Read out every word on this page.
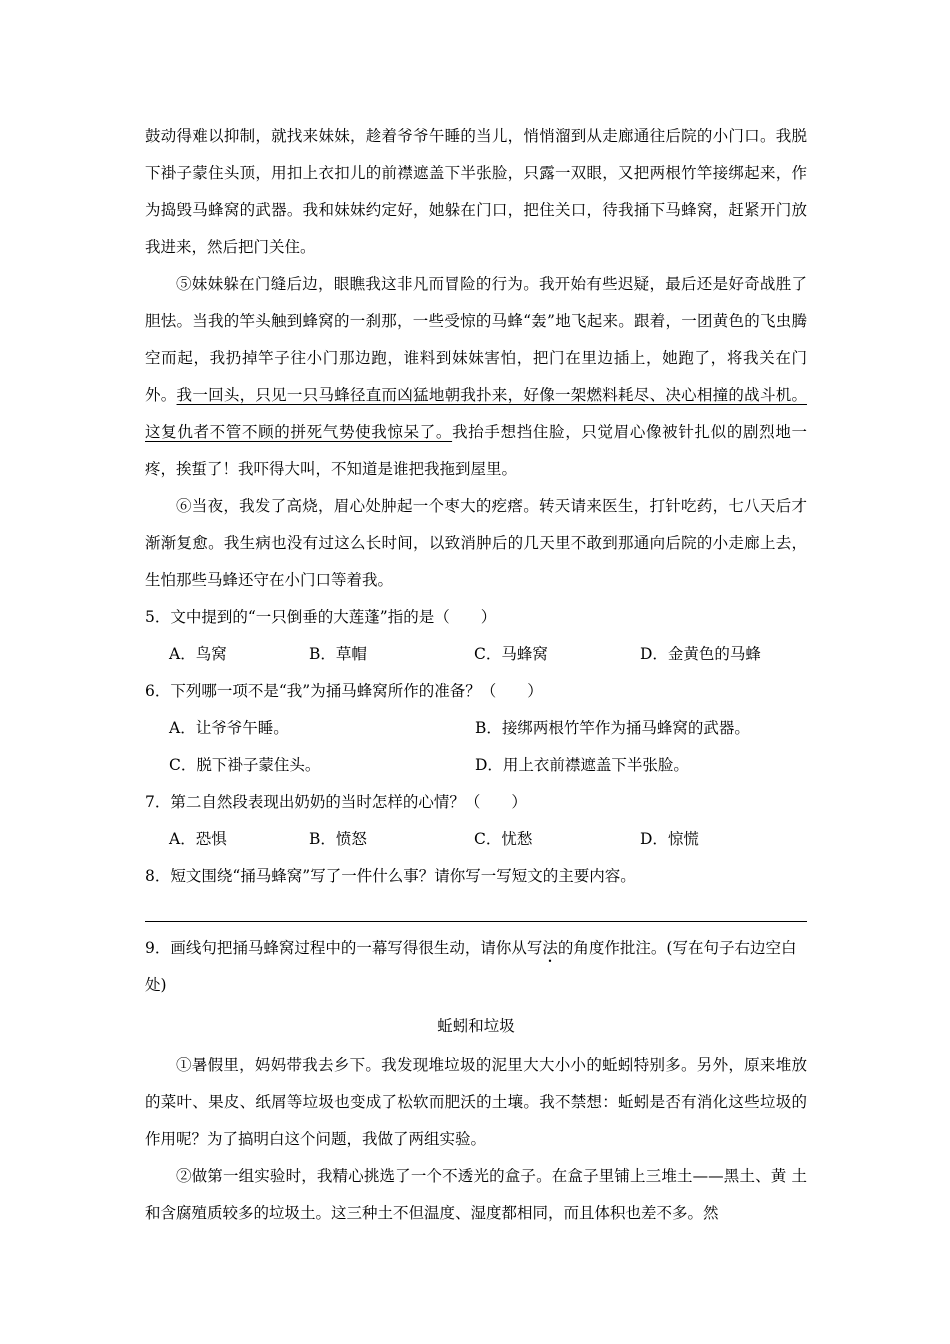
鼓动得难以抑制，就找来妹妹，趁着爷爷午睡的当儿，悄悄溜到从走廊通往后院的小门口。我脱下褂子蒙住头顶，用扣上衣扣儿的前襟遮盖下半张脸，只露一双眼，又把两根竹竿接绑起来，作为捣毁马蜂窝的武器。我和妹妹约定好，她躲在门口，把住关口，待我捅下马蜂窝，赶紧开门放我进来，然后把门关住。

⑤妹妹躲在门缝后边，眼瞧我这非凡而冒险的行为。我开始有些迟疑，最后还是好奇战胜了胆怯。当我的竿头触到蜂窝的一刹那，一些受惊的马蜂“轰”地飞起来。跟着，一团黄色的飞虫腾空而起，我扔掉竿子往小门那边跑，谁料到妹妹害怕，把门在里边插上，她跑了，将我关在门外。我一回头，只见一只马蜂径直而凶猛地朝我扑来，好像一架燃料耗尽、决心相撞的战斗机。这复仇者不管不顾的拼死气势使我惊呆了。我抬手想挡住脸，只觉眉心像被针扎似的剧烈地一疼，挨蜇了！我吓得大叫，不知道是谁把我拖到屋里。

⑥当夜，我发了高烧，眉心处肿起一个枣大的疙瘩。转天请来医生，打针吃药，七八天后才渐渐复愈。我生病也没有过这么长时间，以致消肿后的几天里不敢到那通向后院的小走廊上去，生怕那些马蜂还守在小门口等着我。

5．文中提到的“一只倒垂的大莲蓬”指的是（　　）

A．鸟窝	B．草帽	C．马蜂窝	D．金黄色的马蜂

6．下列哪一项不是“我”为捅马蜂窝所作的准备？（　　）

A．让爷爷午睡。	B．接绑两根竹竿作为捅马蜂窝的武器。
C．脱下褂子蒙住头。	D．用上衣前襟遮盖下半张脸。

7．第二自然段表现出奶奶的当时怎样的心情？（　　）

A．恐惧	B．愤怒	C．忧愁	D．惊慌

8．短文围绕“捅马蜂窝”写了一件什么事？请你写一写短文的主要内容。

9．画线句把捅马蜂窝过程中的一幕写得很生动，请你从写法的角度作批注。(写在句子右边空白处)

蚯蚓和垃圾

①暑假里，妈妈带我去乡下。我发现堆垃圾的泥里大大小小的蚯蚓特别多。另外，原来堆放的菜叶、果皮、纸屑等垃圾也变成了松软而肥沃的土壤。我不禁想：蚯蚓是否有消化这些垃圾的作用呢？为了搞明白这个问题，我做了两组实验。

②做第一组实验时，我精心挑选了一个不透光的盒子。在盒子里铺上三堆土——黑土、黄 土和含腐殖质较多的垃圾土。这三种土不但温度、湿度都相同，而且体积也差不多。然
